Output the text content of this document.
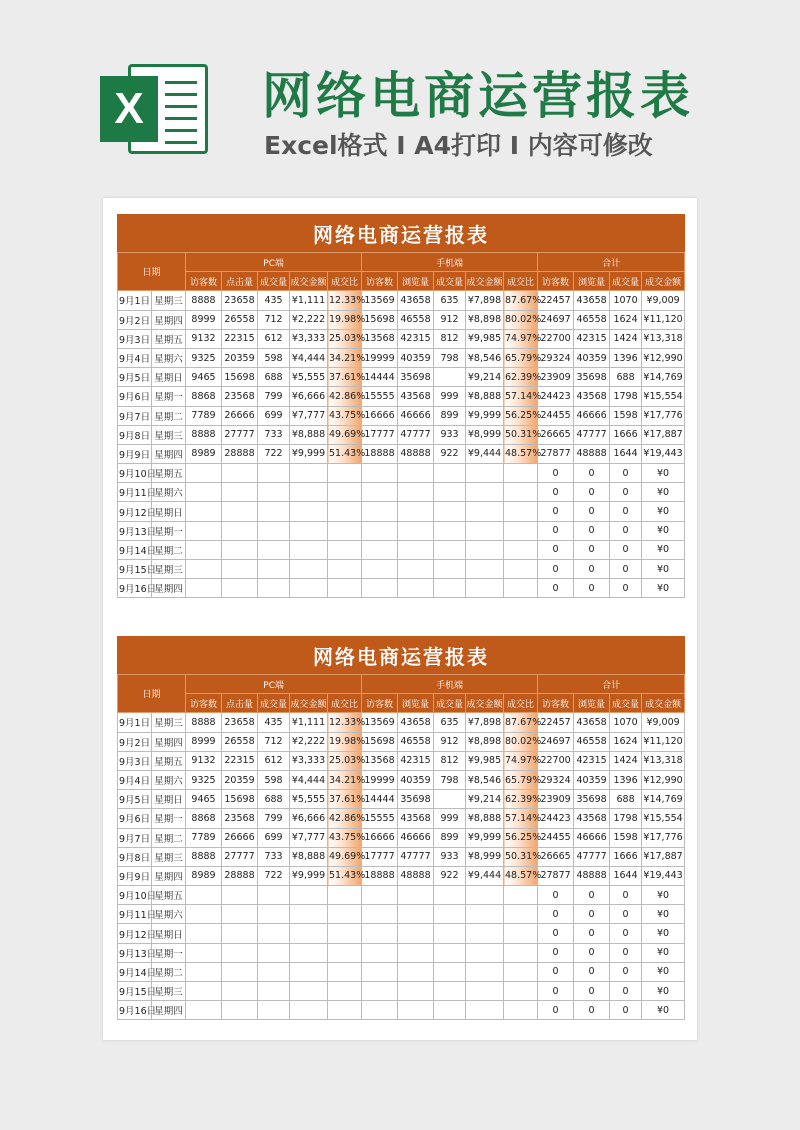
X 网络电商运营报表
Excel格式 I A4打印 I 内容可修改
网络电商运营报表
日期		PC端					手机端					合计			
		访客数	点击量	成交量	成交金额	成交比	访客数	浏览量	成交量	成交金额	成交比	访客数	浏览量	成交量	成交金额
9月1日	星期三	8888	23658	435	¥1,111	12.33%	13569	43658	635	¥7,898	87.67%	22457	43658	1070	¥9,009
9月2日	星期四	8999	26558	712	¥2,222	19.98%	15698	46558	912	¥8,898	80.02%	24697	46558	1624	¥11,120
9月3日	星期五	9132	22315	612	¥3,333	25.03%	13568	42315	812	¥9,985	74.97%	22700	42315	1424	¥13,318
9月4日	星期六	9325	20359	598	¥4,444	34.21%	19999	40359	798	¥8,546	65.79%	29324	40359	1396	¥12,990
9月5日	星期日	9465	15698	688	¥5,555	37.61%	14444	35698		¥9,214	62.39%	23909	35698	688	¥14,769
9月6日	星期一	8868	23568	799	¥6,666	42.86%	15555	43568	999	¥8,888	57.14%	24423	43568	1798	¥15,554
9月7日	星期二	7789	26666	699	¥7,777	43.75%	16666	46666	899	¥9,999	56.25%	24455	46666	1598	¥17,776
9月8日	星期三	8888	27777	733	¥8,888	49.69%	17777	47777	933	¥8,999	50.31%	26665	47777	1666	¥17,887
9月9日	星期四	8989	28888	722	¥9,999	51.43%	18888	48888	922	¥9,444	48.57%	27877	48888	1644	¥19,443
9月10日	星期五											0	0	0	¥0
9月11日	星期六											0	0	0	¥0
9月12日	星期日											0	0	0	¥0
9月13日	星期一											0	0	0	¥0
9月14日	星期二											0	0	0	¥0
9月15日	星期三											0	0	0	¥0
9月16日	星期四											0	0	0	¥0
网络电商运营报表
日期		PC端					手机端					合计			
		访客数	点击量	成交量	成交金额	成交比	访客数	浏览量	成交量	成交金额	成交比	访客数	浏览量	成交量	成交金额
9月1日	星期三	8888	23658	435	¥1,111	12.33%	13569	43658	635	¥7,898	87.67%	22457	43658	1070	¥9,009
9月2日	星期四	8999	26558	712	¥2,222	19.98%	15698	46558	912	¥8,898	80.02%	24697	46558	1624	¥11,120
9月3日	星期五	9132	22315	612	¥3,333	25.03%	13568	42315	812	¥9,985	74.97%	22700	42315	1424	¥13,318
9月4日	星期六	9325	20359	598	¥4,444	34.21%	19999	40359	798	¥8,546	65.79%	29324	40359	1396	¥12,990
9月5日	星期日	9465	15698	688	¥5,555	37.61%	14444	35698		¥9,214	62.39%	23909	35698	688	¥14,769
9月6日	星期一	8868	23568	799	¥6,666	42.86%	15555	43568	999	¥8,888	57.14%	24423	43568	1798	¥15,554
9月7日	星期二	7789	26666	699	¥7,777	43.75%	16666	46666	899	¥9,999	56.25%	24455	46666	1598	¥17,776
9月8日	星期三	8888	27777	733	¥8,888	49.69%	17777	47777	933	¥8,999	50.31%	26665	47777	1666	¥17,887
9月9日	星期四	8989	28888	722	¥9,999	51.43%	18888	48888	922	¥9,444	48.57%	27877	48888	1644	¥19,443
9月10日	星期五											0	0	0	¥0
9月11日	星期六											0	0	0	¥0
9月12日	星期日											0	0	0	¥0
9月13日	星期一											0	0	0	¥0
9月14日	星期二											0	0	0	¥0
9月15日	星期三											0	0	0	¥0
9月16日	星期四											0	0	0	¥0
